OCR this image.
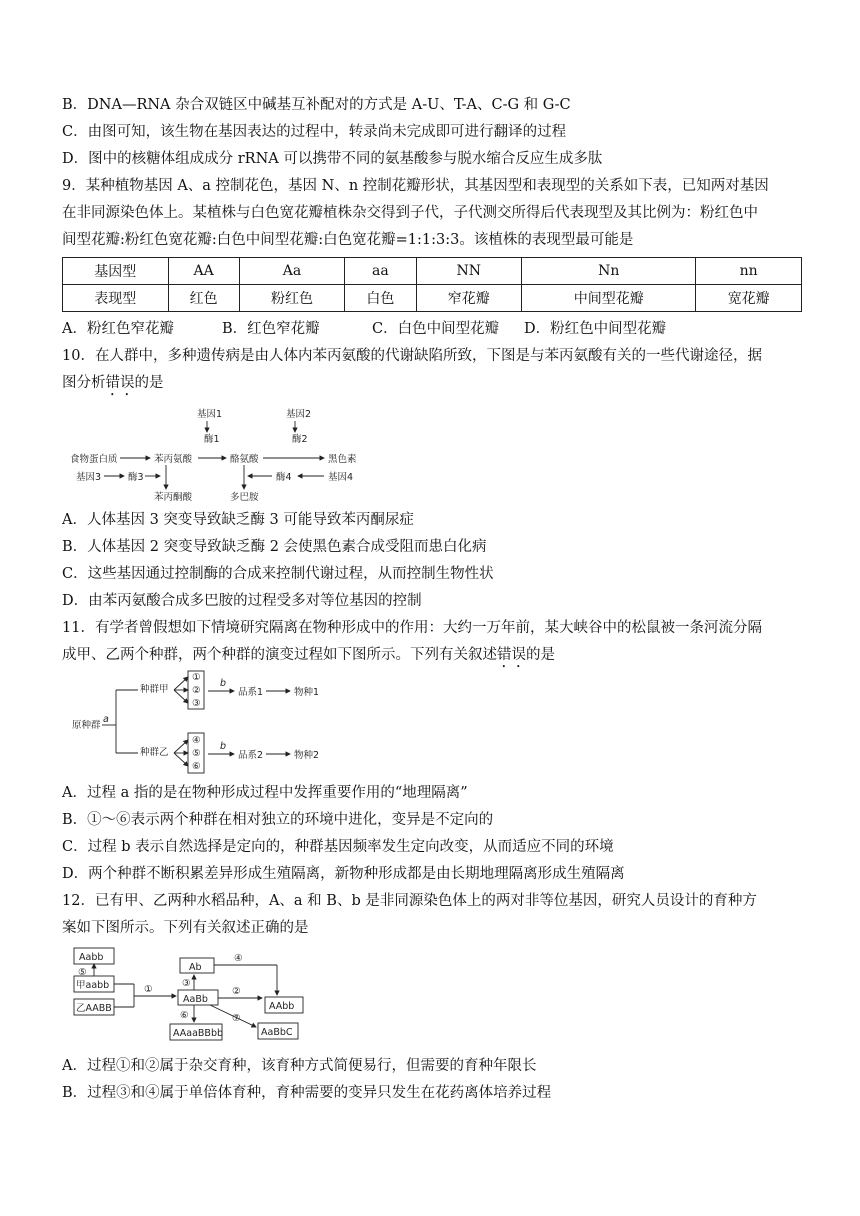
B．DNA—RNA 杂合双链区中碱基互补配对的方式是 A-U、T-A、C-G 和 G-C
C．由图可知，该生物在基因表达的过程中，转录尚未完成即可进行翻译的过程
D．图中的核糖体组成成分 rRNA 可以携带不同的氨基酸参与脱水缩合反应生成多肽
9．某种植物基因 A、a 控制花色，基因 N、n 控制花瓣形状，其基因型和表现型的关系如下表，已知两对基因
在非同源染色体上。某植株与白色宽花瓣植株杂交得到子代，子代测交所得后代表现型及其比例为：粉红色中
间型花瓣:粉红色宽花瓣:白色中间型花瓣:白色宽花瓣=1:1:3:3。该植株的表现型最可能是
基因型	AA	Aa	aa	NN	Nn	nn
表现型	红色	粉红色	白色	窄花瓣	中间型花瓣	宽花瓣
A．粉红色窄花瓣	B．红色窄花瓣	C．白色中间型花瓣 D．粉红色中间型花瓣
10．在人群中，多种遗传病是由人体内苯丙氨酸的代谢缺陷所致，下图是与苯丙氨酸有关的一些代谢途径，据
图分析错误的是
基因1
酶1
基因2
酶2
食物蛋白质	苯丙氨酸	酪氨酸	黑色素
基因3	酶3	酶4	基因4
苯丙酮酸	多巴胺
A．人体基因 3 突变导致缺乏酶 3 可能导致苯丙酮尿症
B．人体基因 2 突变导致缺乏酶 2 会使黑色素合成受阻而患白化病
C．这些基因通过控制酶的合成来控制代谢过程，从而控制生物性状
D．由苯丙氨酸合成多巴胺的过程受多对等位基因的控制
11．有学者曾假想如下情境研究隔离在物种形成中的作用：大约一万年前，某大峡谷中的松鼠被一条河流分隔
成甲、乙两个种群，两个种群的演变过程如下图所示。下列有关叙述错误的是
原种群
a
种群甲
种群乙
①
②
③
④
⑤
⑥
b
b
品系1
品系2
物种1
物种2
A．过程 a 指的是在物种形成过程中发挥重要作用的“地理隔离”
B．①～⑥表示两个种群在相对独立的环境中进化，变异是不定向的
C．过程 b 表示自然选择是定向的，种群基因频率发生定向改变，从而适应不同的环境
D．两个种群不断积累差异形成生殖隔离，新物种形成都是由长期地理隔离形成生殖隔离
12．已有甲、乙两种水稻品种，A、a 和 B、b 是非同源染色体上的两对非等位基因，研究人员设计的育种方
案如下图所示。下列有关叙述正确的是
Aabb
⑤
甲aabb
乙AABB
①
Ab
③
AaBb
④
②
AAbb
⑥	⑦
AAaaBBbb	AaBbC
A．过程①和②属于杂交育种，该育种方式简便易行，但需要的育种年限长
B．过程③和④属于单倍体育种，育种需要的变异只发生在花药离体培养过程
